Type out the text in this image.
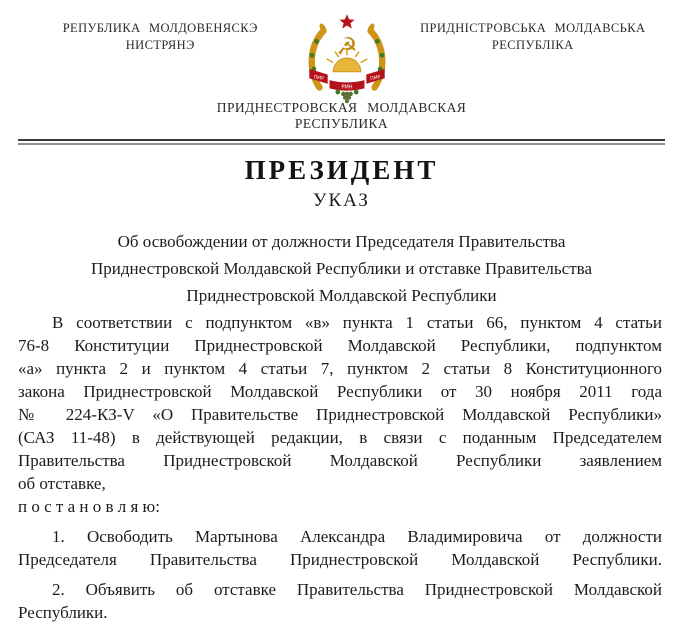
РЕПУБЛИКА МОЛДОВЕНЯСКЭ
НИСТРЯНЭ	☭
ПМР	ПМР
РМН
ПРИДНІСТРОВСЬКА МОЛДАВСЬКА
РЕСПУБЛІКА
ПРИДНЕСТРОВСКАЯ МОЛДАВСКАЯ
РЕСПУБЛИКА
ПРЕЗИДЕНТ
УКАЗ
Об освобождении от должности Председателя Правительства
Приднестровской Молдавской Республики и отставке Правительства
Приднестровской Молдавской Республики
В соответствии с подпунктом «в» пункта 1 статьи 66, пунктом 4 статьи
76-8 Конституции Приднестровской Молдавской Республики, подпунктом
«а» пункта 2 и пунктом 4 статьи 7, пунктом 2 статьи 8 Конституционного
закона Приднестровской Молдавской Республики от 30 ноября 2011 года
№ 224-КЗ-V «О Правительстве Приднестровской Молдавской Республики»
(САЗ 11-48) в действующей редакции, в связи с поданным Председателем
Правительства Приднестровской Молдавской Республики заявлением
об отставке,
п о с т а н о в л я ю:
1. Освободить Мартынова Александра Владимировича от должности
Председателя Правительства Приднестровской Молдавской Республики.
2. Объявить об отставке Правительства Приднестровской Молдавской
Республики.
